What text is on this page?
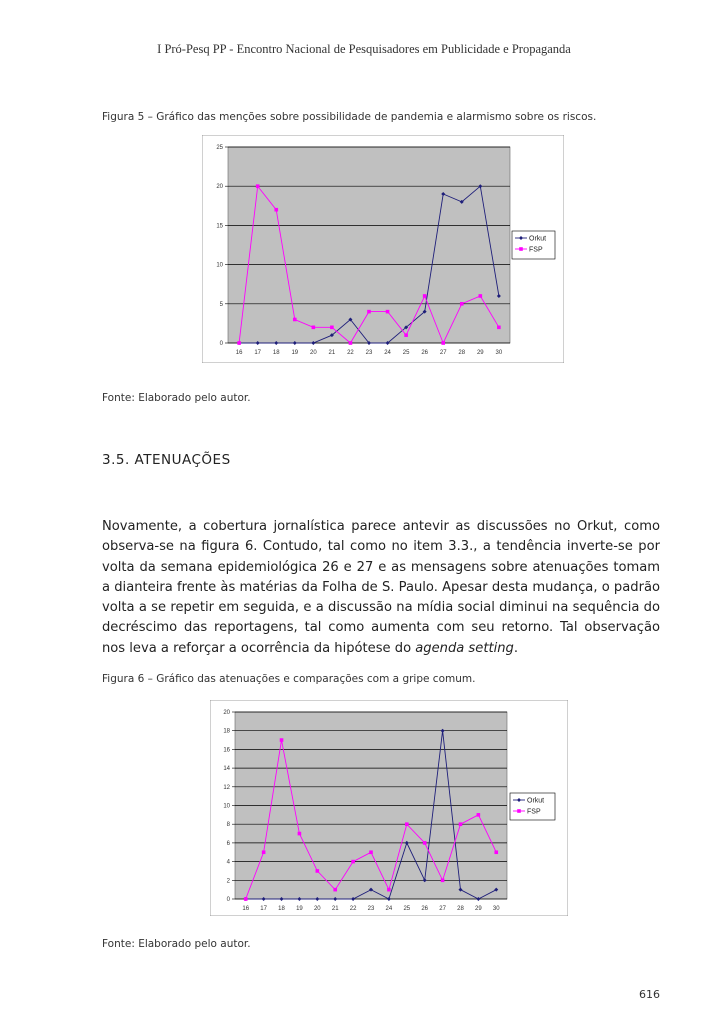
I Pró-Pesq PP - Encontro Nacional de Pesquisadores em Publicidade e Propaganda
Figura 5 – Gráfico das menções sobre possibilidade de pandemia e alarmismo sobre os riscos.
0
5
10
15
20
25
16 17 18 19 20 21 22 23 24 25 26 27 28 29 30
Orkut
FSP
Fonte: Elaborado pelo autor.
3.5. ATENUAÇÕES

Novamente, a cobertura jornalística parece antevir as discussões no Orkut, como observa-se na figura 6. Contudo, tal como no item 3.3., a tendência inverte-se por volta da semana epidemiológica 26 e 27 e as mensagens sobre atenuações tomam a dianteira frente às matérias da Folha de S. Paulo. Apesar desta mudança, o padrão volta a se repetir em seguida, e a discussão na mídia social diminui na sequência do decréscimo das reportagens, tal como aumenta com seu retorno. Tal observação nos leva a reforçar a ocorrência da hipótese do agenda setting.

Figura 6 – Gráfico das atenuações e comparações com a gripe comum.
0
2
4
6
8
10
12
14
16
18
20
16 17 18 19 20 21 22 23 24 25 26 27 28 29 30
Orkut
FSP
Fonte: Elaborado pelo autor.
616
